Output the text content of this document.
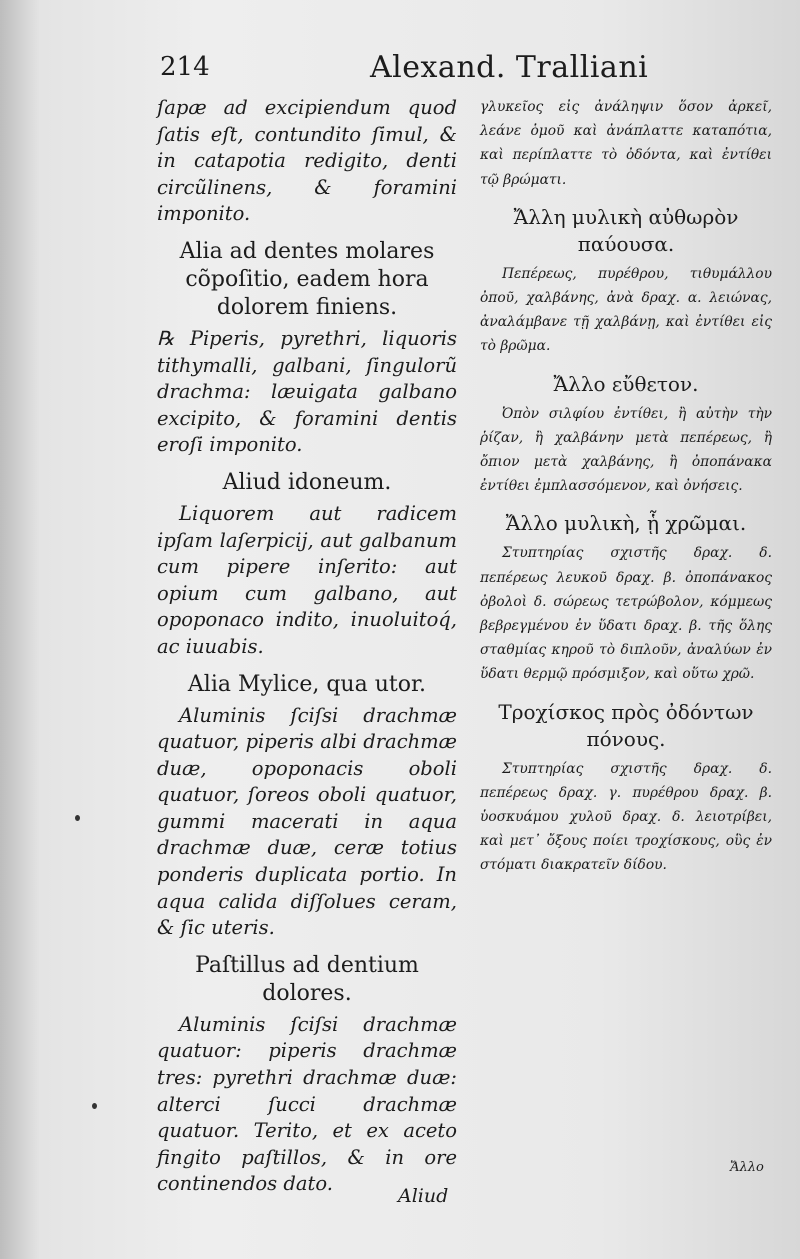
214	Alexand. Tralliani

ſapæ ad excipiendum quod ſatis eſt, contundito ſimul, & in catapotia redigito, denti circũlinens, & foramini imponito.

Alia ad dentes molares cõpoſitio, eadem hora dolorem finiens.

℞ Piperis, pyrethri, liquoris tithymalli, galbani, ſingulorũ drachma: læuigata galbano excipito, & foramini dentis eroſi imponito.

Aliud idoneum.

Liquorem aut radicem ipſam laſerpicij, aut galbanum cum pipere inſerito: aut opium cum galbano, aut opoponaco indito, inuoluitoq́, ac iuuabis.

Alia Mylice, qua utor.

Aluminis ſciſsi drachmæ quatuor, piperis albi drachmæ duæ, opoponacis oboli quatuor, ſoreos oboli quatuor, gummi macerati in aqua drachmæ duæ, ceræ totius ponderis duplicata portio. In aqua calida diſſolues ceram, & ſic uteris.

Paſtillus ad dentium dolores.

Aluminis ſciſsi drachmæ quatuor: piperis drachmæ tres: pyrethri drachmæ duæ: alterci ſucci drachmæ quatuor. Terito, et ex aceto fingito paſtillos, & in ore continendos dato.

γλυκεῖος εἰς ἀνάληψιν ὅσον ἀρκεῖ, λεάνε ὁμοῦ καὶ ἀνάπλαττε καταπότια, καὶ περίπλαττε τὸ ὀδόντα, καὶ ἐντίθει τῷ βρώματι.

Ἄλλη μυλικὴ αὐθωρὸν παύουσα.

Πεπέρεως, πυρέθρου, τιθυμάλλου ὀποῦ, χαλβάνης, ἀνὰ δραχ. α. λειώνας, ἀναλάμβανε τῇ χαλβάνῃ, καὶ ἐντίθει εἰς τὸ βρῶμα.

Ἄλλο εὔθετον.

Ὀπὸν σιλφίου ἐντίθει, ἢ αὐτὴν τὴν ῥίζαν, ἢ χαλβάνην μετὰ πεπέρεως, ἢ ὄπιον μετὰ χαλβάνης, ἢ ὀποπάνακα ἐντίθει ἐμπλασσόμενον, καὶ ὀνήσεις.

Ἄλλο μυλικὴ, ᾗ χρῶμαι.

Στυπτηρίας σχιστῆς δραχ. δ. πεπέρεως λευκοῦ δραχ. β. ὀποπάνακος ὀβολοὶ δ. σώρεως τετρώβολον, κόμμεως βεβρεγμένου ἐν ὕδατι δραχ. β. τῆς ὅλης σταθμίας κηροῦ τὸ διπλοῦν, ἀναλύων ἐν ὕδατι θερμῷ πρόσμιξον, καὶ οὕτω χρῶ.

Τροχίσκος πρὸς ὀδόντων πόνους.

Στυπτηρίας σχιστῆς δραχ. δ. πεπέρεως δραχ. γ. πυρέθρου δραχ. β. ὑοσκυάμου χυλοῦ δραχ. δ. λειοτρίβει, καὶ μετ᾽ ὄξους ποίει τροχίσκους, οὓς ἐν στόματι διακρατεῖν δίδου.

Ἄλλο
Aliud
